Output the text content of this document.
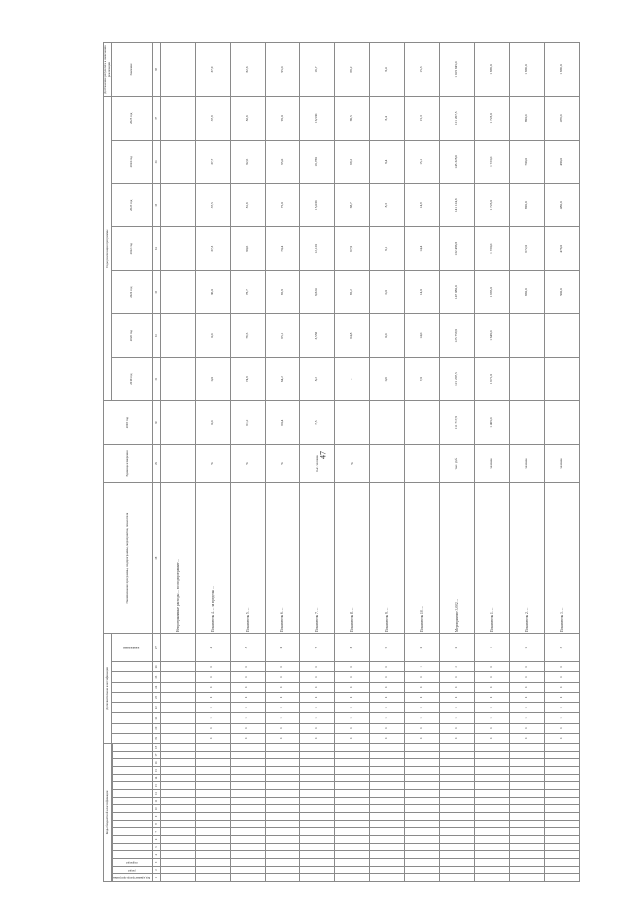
47
Коды бюджетной классификации																		Дополнительная классификация									Наименование программы, подпрограммы, мероприятия, показателя	Единица измерения	2018 год	Годы реализации программы							Достижение результата к окончанию реализации
																										наименование				2019 год	2020 год	2021 год	2022 год	2023 год	2024 год	2025 год	Значение
Код администратора программы	раздел	подраздел																																			
1	2	3	4	5	6	7	8	9	10	11	12	13	14	15	16	17	18	19	20	21	22	23	24	25	26	27	28	29	30	31	32	33	34	35	36	37	38
																											Непрограммные расходы ... по подпрограмме ...										
																		0	0	1	1	0	0	0	0	4	Показатель 4. ... за пределы ...	%	0,0	0,0	0,0	36,0	37,3	37,5	37,7	37,9	37,9
																		0	0	1	1	0	0	0	0	5	Показатель 5. ...	%	61,2	74,9	76,5	78,7	80,6	81,6	82,6	82,6	82,6
																		0	0	1	1	0	0	0	0	6	Показатель 6. ...	%	60,4	64,2	65,1	65,8	70,4	75,0	95,0	95,0	95,0
																		0	0	1	1	0	0	0	0	7	Показатель 7. ...	тыс. человек	7,5	8,2	3,558	8,824	12,120	15,030	16,780	16,530	16,7
																		0	0	1	1	0	0	0	0	8	Показатель 8. ...	%		-	64,8	65,2	67,9	68,7	69,2	69,5	69,2
																		0	0	1	1	0	0	0	0	9	Показатель 9. ...			0,6	0,0	0,0	8,1	8,3	8,4	8,4	8,4
																		0	0	1	1	0	0	0	1	0	Показатель 10. ...			7,0	14,0	14,0	14,4	14,9	15,1	15,3	15,3
																		0	0	1	1	0	0	0	2	0	Мероприятие 3.002 ...	тыс. руб.	111 717,9	121 207,5	125 759,9	147 080,0	132 486,8	141 124,6	145 328,6	121 207,5	1 019 945,0
																		0	0	1	1	0	0	0	0	1	Показатель 1. ...	человек	1 405,0	1 671,0	1 648,0	1 665,0	1 720,0	1 723,0	1 723,0	1 723,0	1 669,0
																		0	0	1	1	0	0	0	0	2	Показатель 2. ...	человек				660,0	672,0	690,0	700,0	690,0	1 666,0
																		0	0	1	1	0	0	0	0	3	Показатель 3. ...	человек				500,0	476,0	480,0	480,0	476,0	1 666,0
